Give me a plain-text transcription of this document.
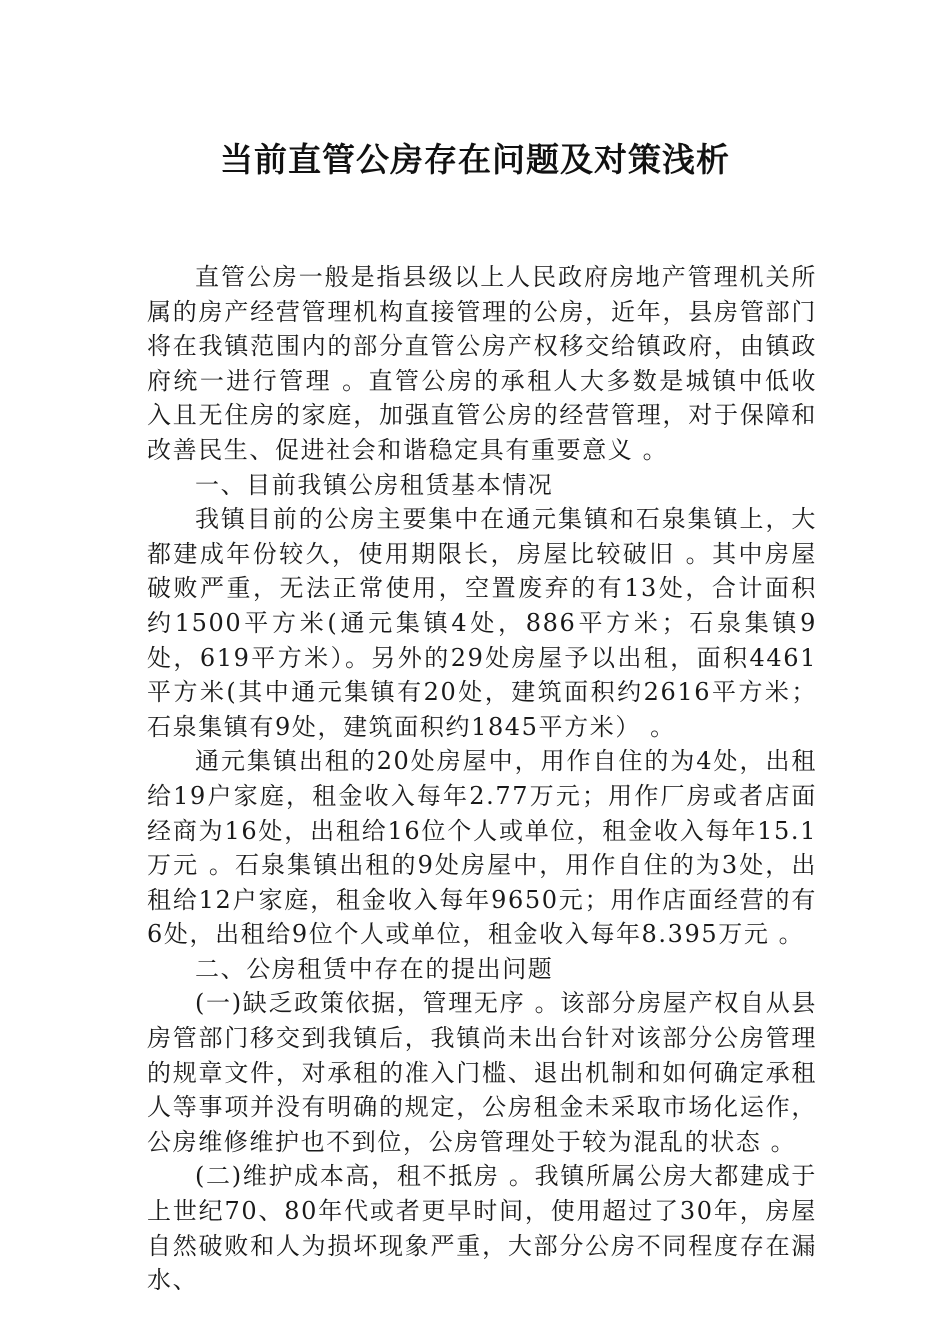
当前直管公房存在问题及对策浅析

直管公房一般是指县级以上人民政府房地产管理机关所属的房产经营管理机构直接管理的公房，近年，县房管部门将在我镇范围内的部分直管公房产权移交给镇政府，由镇政府统一进行管理 。直管公房的承租人大多数是城镇中低收入且无住房的家庭，加强直管公房的经营管理，对于保障和改善民生、促进社会和谐稳定具有重要意义 。

一、目前我镇公房租赁基本情况

我镇目前的公房主要集中在通元集镇和石泉集镇上，大都建成年份较久，使用期限长，房屋比较破旧 。其中房屋破败严重，无法正常使用，空置废弃的有13处，合计面积约1500平方米(通元集镇4处，886平方米；石泉集镇9处，619平方米）。另外的29处房屋予以出租，面积4461平方米(其中通元集镇有20处，建筑面积约2616平方米；石泉集镇有9处，建筑面积约1845平方米） 。

通元集镇出租的20处房屋中，用作自住的为4处，出租给19户家庭，租金收入每年2.77万元；用作厂房或者店面经商为16处，出租给16位个人或单位，租金收入每年15.1万元 。石泉集镇出租的9处房屋中，用作自住的为3处，出租给12户家庭，租金收入每年9650元；用作店面经营的有6处，出租给9位个人或单位，租金收入每年8.395万元 。

二、公房租赁中存在的提出问题

(一)缺乏政策依据，管理无序 。该部分房屋产权自从县房管部门移交到我镇后，我镇尚未出台针对该部分公房管理的规章文件，对承租的准入门槛、退出机制和如何确定承租人等事项并没有明确的规定，公房租金未采取市场化运作，公房维修维护也不到位，公房管理处于较为混乱的状态 。

(二)维护成本高，租不抵房 。我镇所属公房大都建成于上世纪70、80年代或者更早时间，使用超过了30年，房屋自然破败和人为损坏现象严重，大部分公房不同程度存在漏水、
